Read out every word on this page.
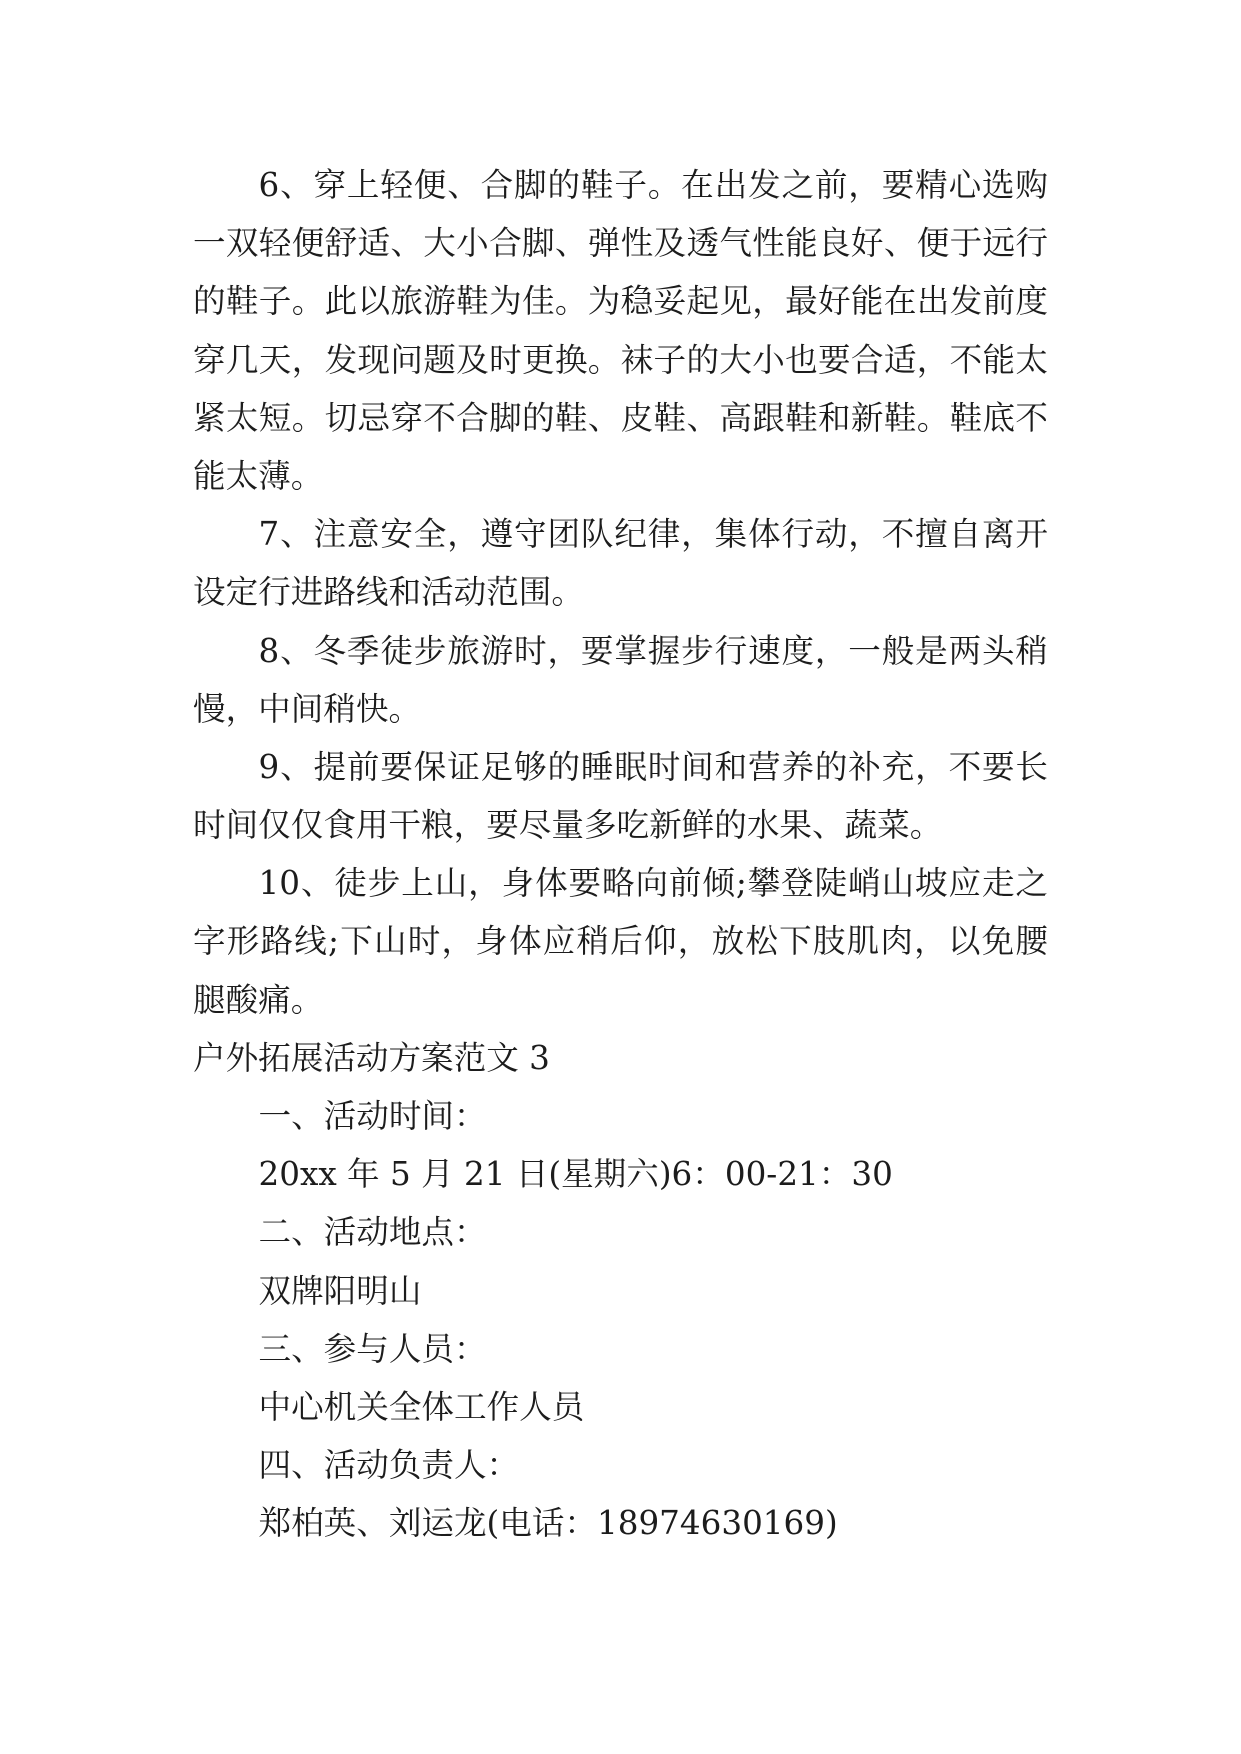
6、穿上轻便、合脚的鞋子。在出发之前，要精心选购
一双轻便舒适、大小合脚、弹性及透气性能良好、便于远行
的鞋子。此以旅游鞋为佳。为稳妥起见，最好能在出发前度
穿几天，发现问题及时更换。袜子的大小也要合适，不能太
紧太短。切忌穿不合脚的鞋、皮鞋、高跟鞋和新鞋。鞋底不
能太薄。
7、注意安全，遵守团队纪律，集体行动，不擅自离开
设定行进路线和活动范围。
8、冬季徒步旅游时，要掌握步行速度，一般是两头稍
慢，中间稍快。
9、提前要保证足够的睡眠时间和营养的补充，不要长
时间仅仅食用干粮，要尽量多吃新鲜的水果、蔬菜。
10、徒步上山，身体要略向前倾;攀登陡峭山坡应走之
字形路线;下山时，身体应稍后仰，放松下肢肌肉，以免腰
腿酸痛。
户外拓展活动方案范文 3
一、活动时间：
20xx 年 5 月 21 日(星期六)6：00-21：30
二、活动地点：
双牌阳明山
三、参与人员：
中心机关全体工作人员
四、活动负责人：
郑柏英、刘运龙(电话：18974630169)
